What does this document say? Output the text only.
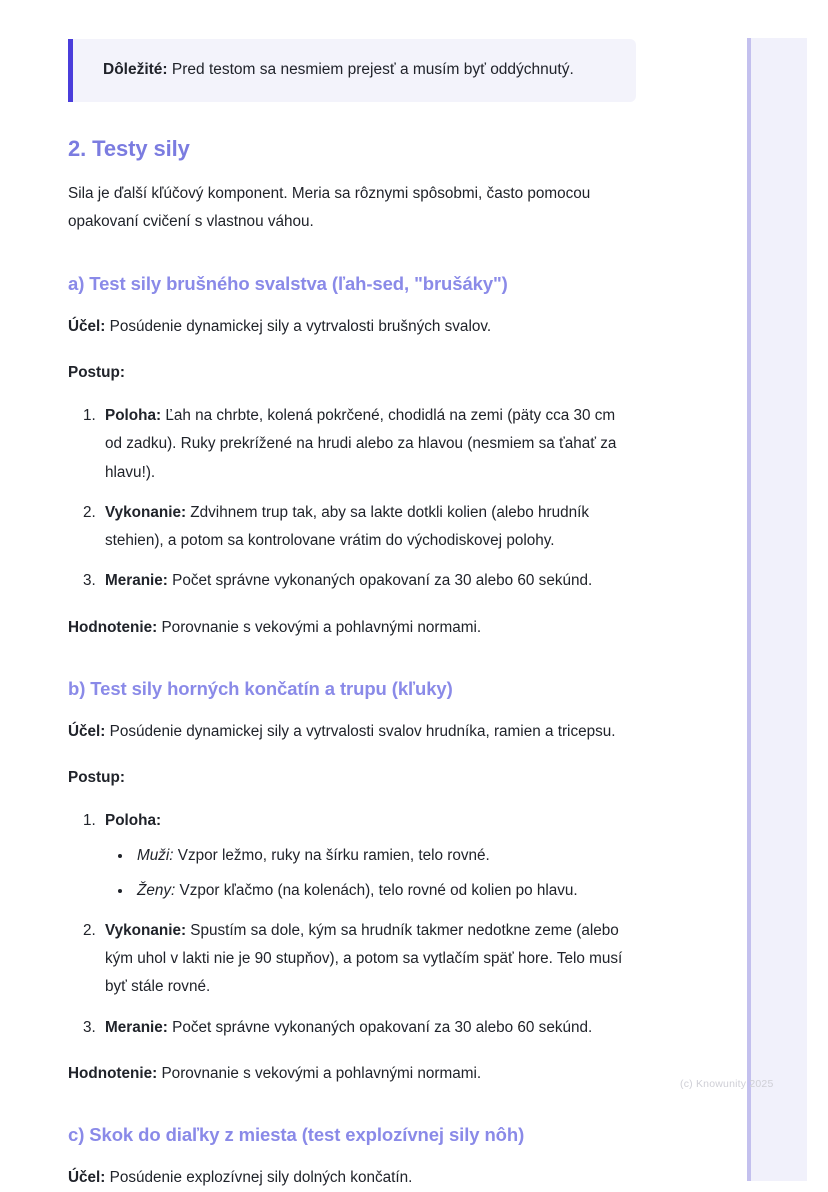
Dôležité: Pred testom sa nesmiem prejesť a musím byť oddýchnutý.
2. Testy sily

Sila je ďalší kľúčový komponent. Meria sa rôznymi spôsobmi, často pomocou opakovaní cvičení s vlastnou váhou.

a) Test sily brušného svalstva (ľah-sed, "brušáky")

Účel: Posúdenie dynamickej sily a vytrvalosti brušných svalov.

Postup:

1. Poloha: Ľah na chrbte, kolená pokrčené, chodidlá na zemi (päty cca 30 cm od zadku). Ruky prekrížené na hrudi alebo za hlavou (nesmiem sa ťahať za hlavu!).
2. Vykonanie: Zdvihnem trup tak, aby sa lakte dotkli kolien (alebo hrudník stehien), a potom sa kontrolovane vrátim do východiskovej polohy.
3. Meranie: Počet správne vykonaných opakovaní za 30 alebo 60 sekúnd.

Hodnotenie: Porovnanie s vekovými a pohlavnými normami.

b) Test sily horných končatín a trupu (kľuky)

Účel: Posúdenie dynamickej sily a vytrvalosti svalov hrudníka, ramien a tricepsu.

Postup:

1. Poloha:
• Muži: Vzpor ležmo, ruky na šírku ramien, telo rovné.
• Ženy: Vzpor kľačmo (na kolenách), telo rovné od kolien po hlavu.
2. Vykonanie: Spustím sa dole, kým sa hrudník takmer nedotkne zeme (alebo kým uhol v lakti nie je 90 stupňov), a potom sa vytlačím späť hore. Telo musí byť stále rovné.
3. Meranie: Počet správne vykonaných opakovaní za 30 alebo 60 sekúnd.

Hodnotenie: Porovnanie s vekovými a pohlavnými normami.

c) Skok do diaľky z miesta (test explozívnej sily nôh)

Účel: Posúdenie explozívnej sily dolných končatín.

(c) Knowunity 2025
